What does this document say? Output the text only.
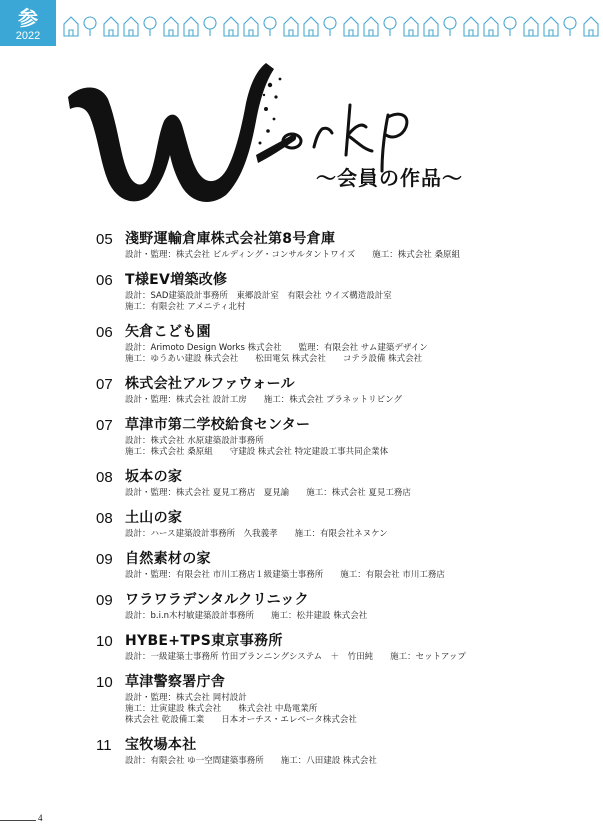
参
2022
〜会員の作品〜
05 淺野運輸倉庫株式会社第8号倉庫
設計・監理：株式会社 ビルディング・コンサルタントワイズ　　施工：株式会社 桑原組
06 T様EV増築改修
設計：SAD建築設計事務所　東郷設計室　有限会社 ウイズ構造設計室
施工：有限会社 アメニティ北村
06 矢倉こども園
設計：Arimoto Design Works 株式会社　　監理：有限会社 サム建築デザイン
施工：ゆうあい建設 株式会社　　松田電気 株式会社　　コテラ設備 株式会社
07 株式会社アルファウォール
設計・監理：株式会社 設計工房　　施工：株式会社 プラネットリビング
07 草津市第二学校給食センター
設計：株式会社 水原建築設計事務所
施工：株式会社 桑原組　　守建設 株式会社 特定建設工事共同企業体
08 坂本の家
設計・監理：株式会社 夏見工務店　夏見諭　　施工：株式会社 夏見工務店
08 土山の家
設計：ハース建築設計事務所　久我義孝　　施工：有限会社ネヌケン
09 自然素材の家
設計・監理：有限会社 市川工務店１級建築士事務所　　施工：有限会社 市川工務店
09 ワラワラデンタルクリニック
設計：b.i.n木村敏建築設計事務所　　施工：松井建設 株式会社
10 HYBE+TPS東京事務所
設計：一級建築士事務所 竹田プランニングシステム　＋　竹田純　　施工：セットアップ
10 草津警察署庁舎
設計・監理：株式会社 岡村設計
施工：辻寅建設 株式会社　　株式会社 中島電業所
株式会社 乾設備工業　　日本オーチス・エレベータ株式会社
11 宝牧場本社
設計：有限会社 ゆ一空間建築事務所　　施工：八田建設 株式会社
4
